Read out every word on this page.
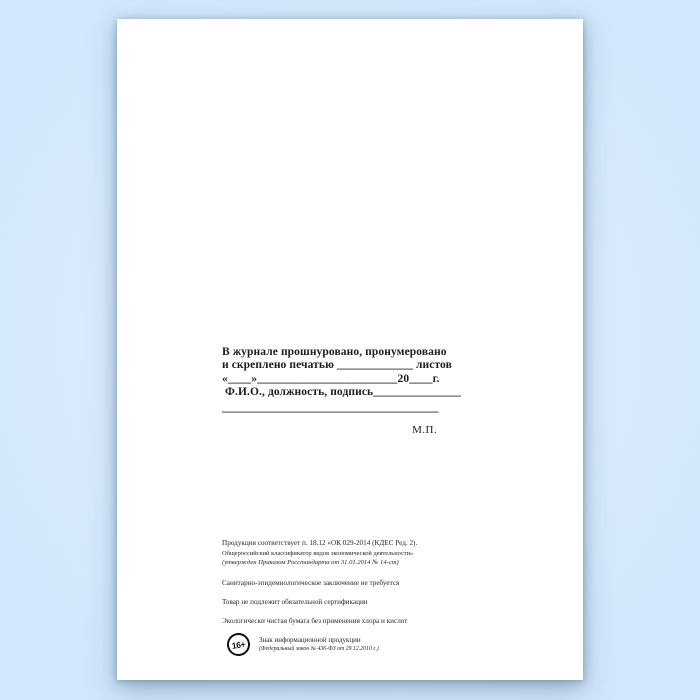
В журнале прошнуровано, пронумеровано
и скреплено печатью _____________ листов
«____»________________________20____г.
Ф.И.О., должность, подпись_______________
_____________________________________
М.П.
Продукция соответствует п. 18.12 «ОК 029-2014 (КДЕС Ред. 2).
Общероссийский классификатор видов экономической деятельности»
(утвержден Приказом Росстандарта от 31.01.2014 № 14-ст)
Санитарно-эпидемиологическое заключение не требуется
Товар не подлежит обязательной сертификации
Экологически чистая бумага без применения хлора и кислот
16+	Знак информационной продукции
(Федеральный закон № 436-ФЗ от 29.12.2010 г.)
